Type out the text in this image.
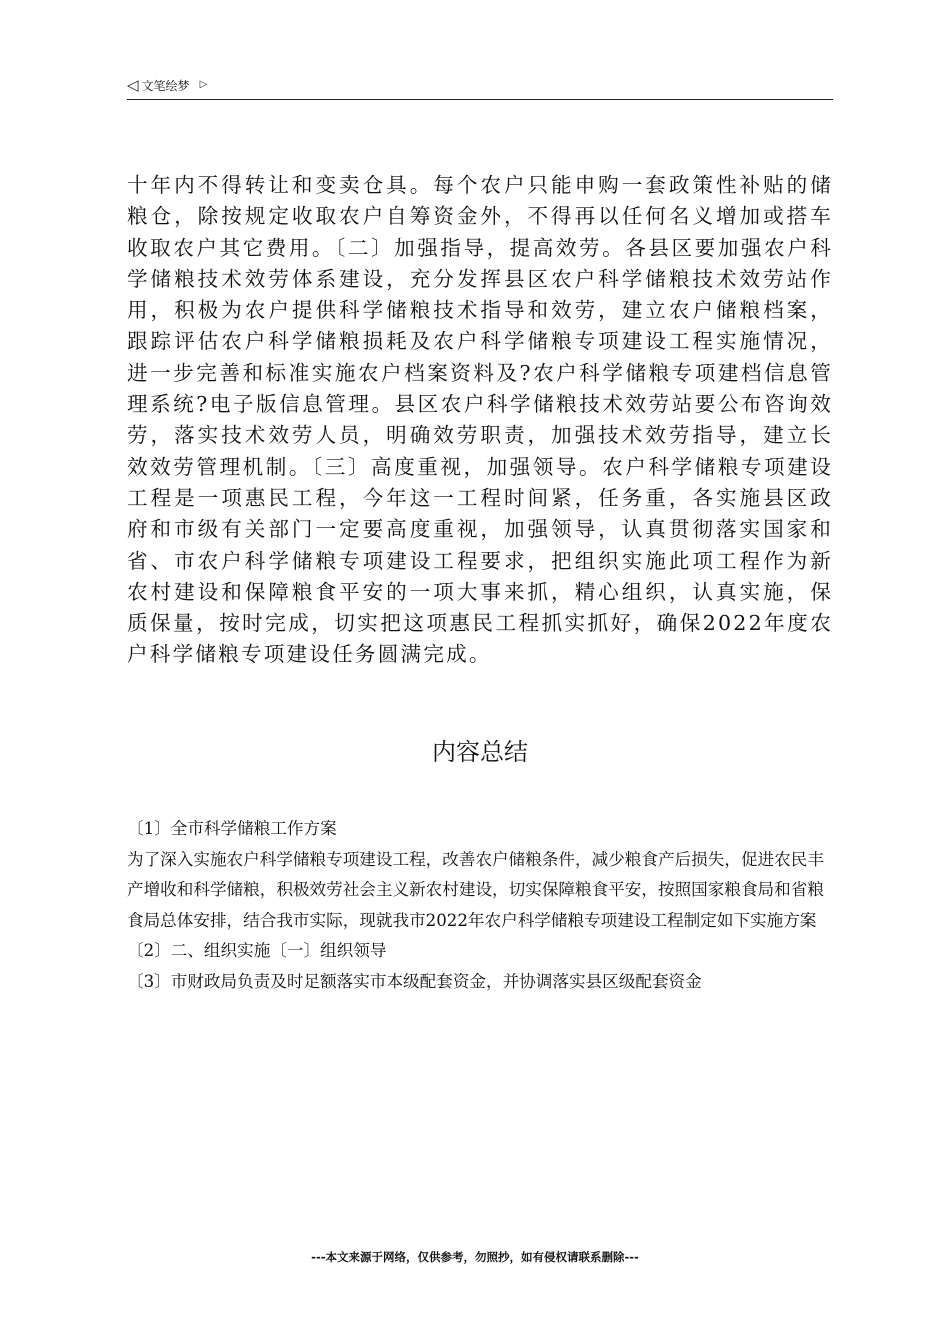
◁ 文笔绘梦 ▷

十年内不得转让和变卖仓具。每个农户只能申购一套政策性补贴的储粮仓，除按规定收取农户自筹资金外，不得再以任何名义增加或搭车收取农户其它费用。〔二〕加强指导，提高效劳。各县区要加强农户科学储粮技术效劳体系建设，充分发挥县区农户科学储粮技术效劳站作用，积极为农户提供科学储粮技术指导和效劳，建立农户储粮档案，跟踪评估农户科学储粮损耗及农户科学储粮专项建设工程实施情况，进一步完善和标准实施农户档案资料及?农户科学储粮专项建档信息管理系统?电子版信息管理。县区农户科学储粮技术效劳站要公布咨询效劳，落实技术效劳人员，明确效劳职责，加强技术效劳指导，建立长效效劳管理机制。〔三〕高度重视，加强领导。农户科学储粮专项建设工程是一项惠民工程，今年这一工程时间紧，任务重，各实施县区政府和市级有关部门一定要高度重视，加强领导，认真贯彻落实国家和省、市农户科学储粮专项建设工程要求，把组织实施此项工程作为新农村建设和保障粮食平安的一项大事来抓，精心组织，认真实施，保质保量，按时完成，切实把这项惠民工程抓实抓好，确保2022年度农户科学储粮专项建设任务圆满完成。

内容总结

〔1〕全市科学储粮工作方案

为了深入实施农户科学储粮专项建设工程，改善农户储粮条件，减少粮食产后损失，促进农民丰产增收和科学储粮，积极效劳社会主义新农村建设，切实保障粮食平安，按照国家粮食局和省粮食局总体安排，结合我市实际，现就我市2022年农户科学储粮专项建设工程制定如下实施方案

〔2〕二、组织实施〔一〕组织领导

〔3〕市财政局负责及时足额落实市本级配套资金，并协调落实县区级配套资金

---本文来源于网络，仅供参考，勿照抄，如有侵权请联系删除---
